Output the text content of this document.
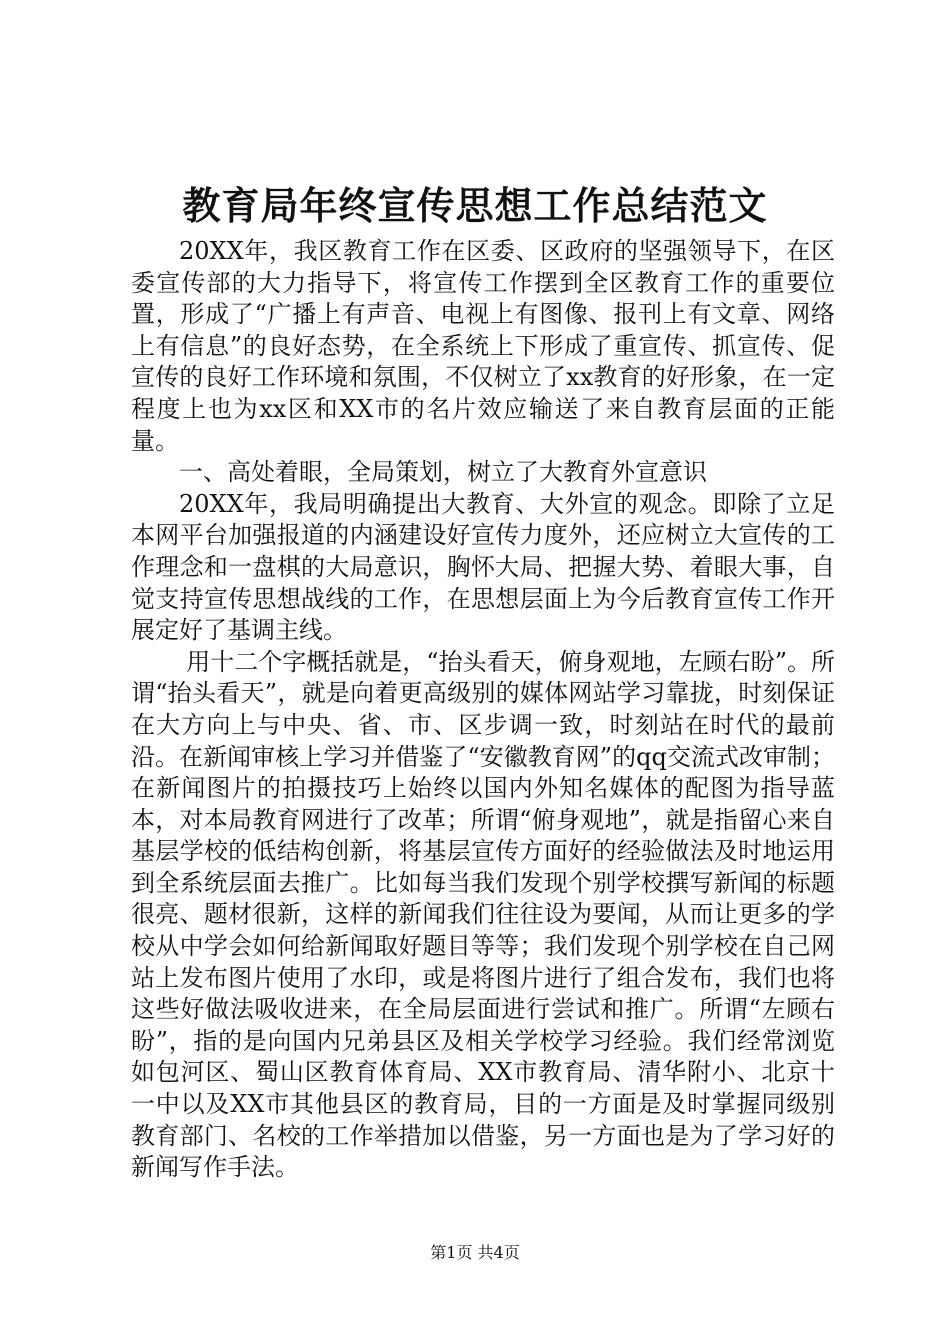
教育局年终宣传思想工作总结范文

20XX年，我区教育工作在区委、区政府的坚强领导下，在区委宣传部的大力指导下，将宣传工作摆到全区教育工作的重要位置，形成了“广播上有声音、电视上有图像、报刊上有文章、网络上有信息”的良好态势，在全系统上下形成了重宣传、抓宣传、促宣传的良好工作环境和氛围，不仅树立了xx教育的好形象，在一定程度上也为xx区和XX市的名片效应输送了来自教育层面的正能量。

一、高处着眼，全局策划，树立了大教育外宣意识

20XX年，我局明确提出大教育、大外宣的观念。即除了立足本网平台加强报道的内涵建设好宣传力度外，还应树立大宣传的工作理念和一盘棋的大局意识，胸怀大局、把握大势、着眼大事，自觉支持宣传思想战线的工作，在思想层面上为今后教育宣传工作开展定好了基调主线。

用十二个字概括就是，“抬头看天，俯身观地，左顾右盼”。所谓“抬头看天”，就是向着更高级别的媒体网站学习靠拢，时刻保证在大方向上与中央、省、市、区步调一致，时刻站在时代的最前沿。在新闻审核上学习并借鉴了“安徽教育网”的qq交流式改审制；在新闻图片的拍摄技巧上始终以国内外知名媒体的配图为指导蓝本，对本局教育网进行了改革；所谓“俯身观地”，就是指留心来自基层学校的低结构创新，将基层宣传方面好的经验做法及时地运用到全系统层面去推广。比如每当我们发现个别学校撰写新闻的标题很亮、题材很新，这样的新闻我们往往设为要闻，从而让更多的学校从中学会如何给新闻取好题目等等；我们发现个别学校在自己网站上发布图片使用了水印，或是将图片进行了组合发布，我们也将这些好做法吸收进来，在全局层面进行尝试和推广。所谓“左顾右盼”，指的是向国内兄弟县区及相关学校学习经验。我们经常浏览如包河区、蜀山区教育体育局、XX市教育局、清华附小、北京十一中以及XX市其他县区的教育局，目的一方面是及时掌握同级别教育部门、名校的工作举措加以借鉴，另一方面也是为了学习好的新闻写作手法。

第1页 共4页
